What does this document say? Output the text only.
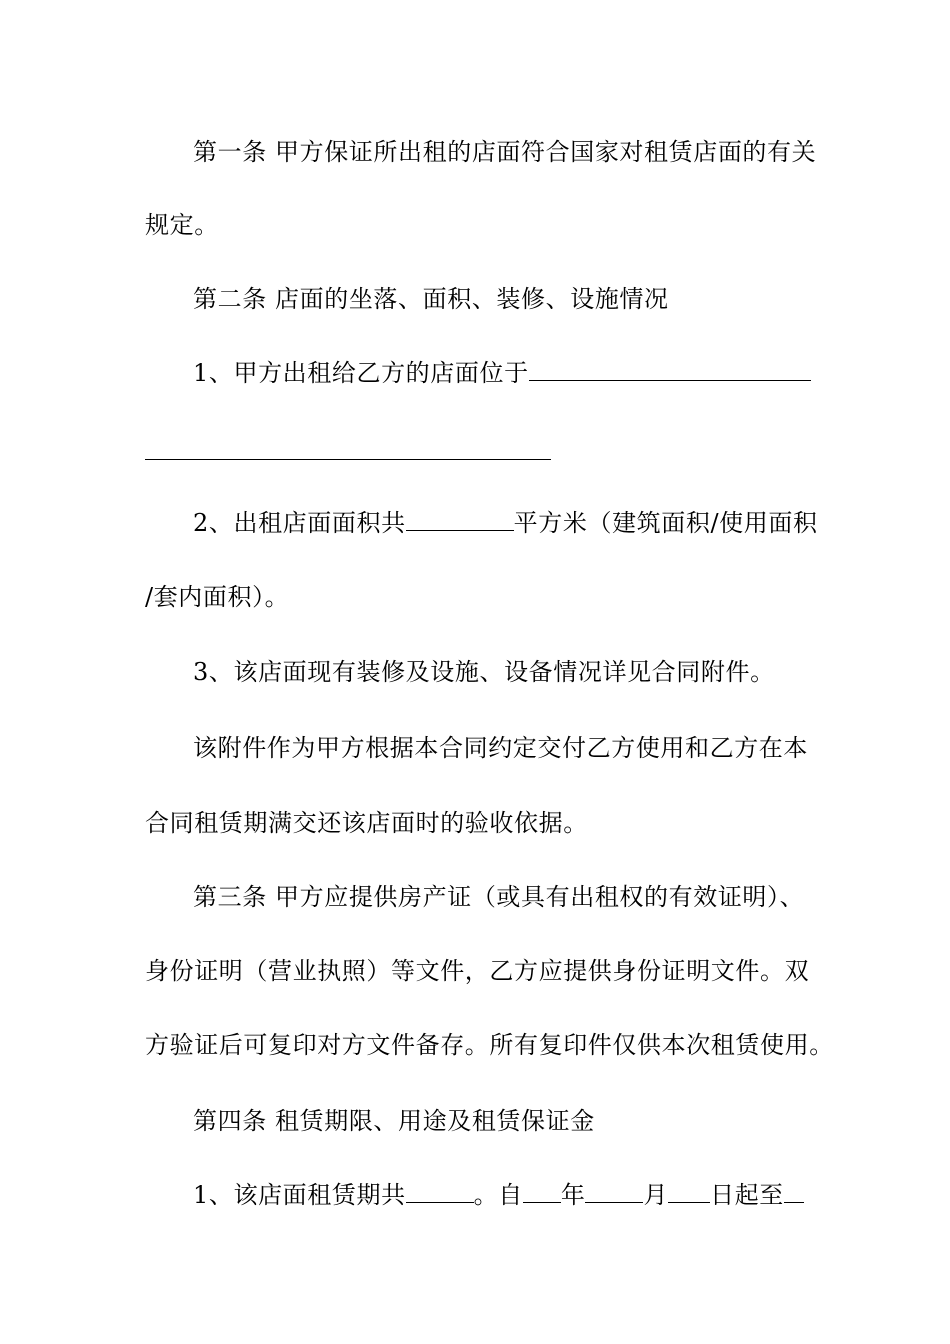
第一条 甲方保证所出租的店面符合国家对租赁店面的有关
规定。
第二条 店面的坐落、面积、装修、设施情况
1、甲方出租给乙方的店面位于
2、出租店面面积共	平方米（建筑面积/使用面积
/套内面积）。
3、该店面现有装修及设施、设备情况详见合同附件。
该附件作为甲方根据本合同约定交付乙方使用和乙方在本
合同租赁期满交还该店面时的验收依据。
第三条 甲方应提供房产证（或具有出租权的有效证明）、
身份证明（营业执照）等文件，乙方应提供身份证明文件。双
方验证后可复印对方文件备存。所有复印件仅供本次租赁使用。
第四条 租赁期限、用途及租赁保证金
1、该店面租赁期共	。自 年 月 日起至
